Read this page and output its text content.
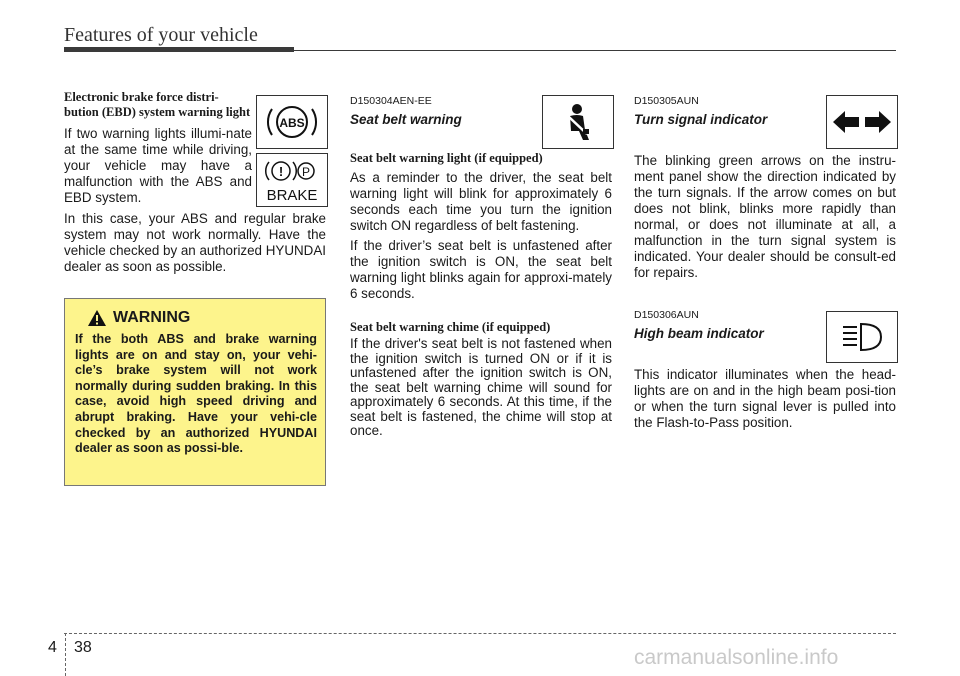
Features of your vehicle
Electronic brake force distri-bution (EBD) system warning light
If two warning lights illumi-nate at the same time while driving, your vehicle may have a malfunction with the ABS and EBD system.
In this case, your ABS and regular brake system may not work normally. Have the vehicle checked by an authorized HYUNDAI dealer as soon as possible.
ABS
! P
BRAKE
WARNING
If the both ABS and brake warning lights are on and stay on, your vehi-cle’s brake system will not work normally during sudden braking. In this case, avoid high speed driving and abrupt braking. Have your vehi-cle checked by an authorized HYUNDAI dealer as soon as possi-ble.
D150304AEN-EE
Seat belt warning
Seat belt warning light (if equipped)
As a reminder to the driver, the seat belt warning light will blink for approximately 6 seconds each time you turn the ignition switch ON regardless of belt fastening.
If the driver’s seat belt is unfastened after the ignition switch is ON, the seat belt warning light blinks again for approxi-mately 6 seconds.
Seat belt warning chime (if equipped)
If the driver's seat belt is not fastened when the ignition switch is turned ON or if it is unfastened after the ignition switch is ON, the seat belt warning chime will sound for approximately 6 seconds. At this time, if the seat belt is fastened, the chime will stop at once.
D150305AUN
Turn signal indicator
The blinking green arrows on the instru-ment panel show the direction indicated by the turn signals. If the arrow comes on but does not blink, blinks more rapidly than normal, or does not illuminate at all, a malfunction in the turn signal system is indicated. Your dealer should be consult-ed for repairs.
D150306AUN
High beam indicator
This indicator illuminates when the head-lights are on and in the high beam posi-tion or when the turn signal lever is pulled into the Flash-to-Pass position.
4 38	carmanualsonline.info
